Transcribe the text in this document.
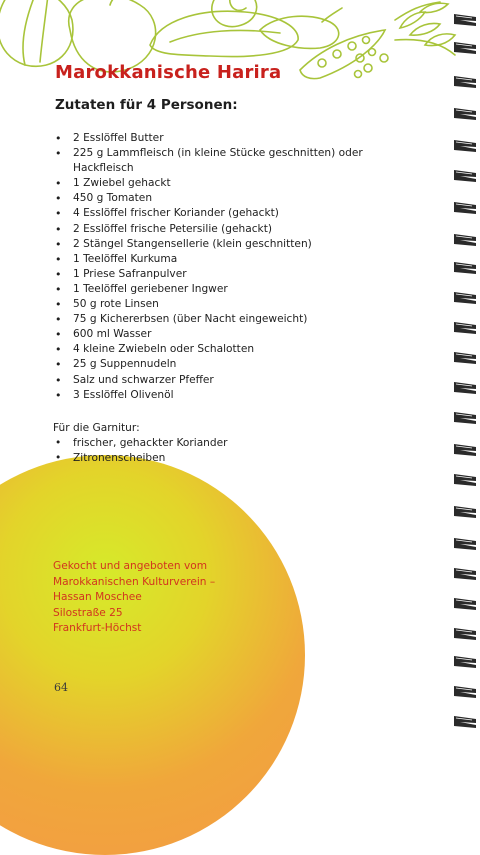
Marokkanische Harira
Zutaten für 4 Personen:
• 2 Esslöffel Butter
• 225 g Lammfleisch (in kleine Stücke geschnitten) oder Hackfleisch
• 1 Zwiebel gehackt
• 450 g Tomaten
• 4 Esslöffel frischer Koriander (gehackt)
• 2 Esslöffel frische Petersilie (gehackt)
• 2 Stängel Stangensellerie (klein geschnitten)
• 1 Teelöffel Kurkuma
• 1 Priese Safranpulver
• 1 Teelöffel geriebener Ingwer
• 50 g rote Linsen
• 75 g Kichererbsen (über Nacht eingeweicht)
• 600 ml Wasser
• 4 kleine Zwiebeln oder Schalotten
• 25 g Suppennudeln
• Salz und schwarzer Pfeffer
• 3 Esslöffel Olivenöl

Für die Garnitur:

• frischer, gehackter Koriander
• Zitronenscheiben

Gekocht und angeboten vom
Marokkanischen Kulturverein –
Hassan Moschee
Silostraße 25
Frankfurt-Höchst

64
